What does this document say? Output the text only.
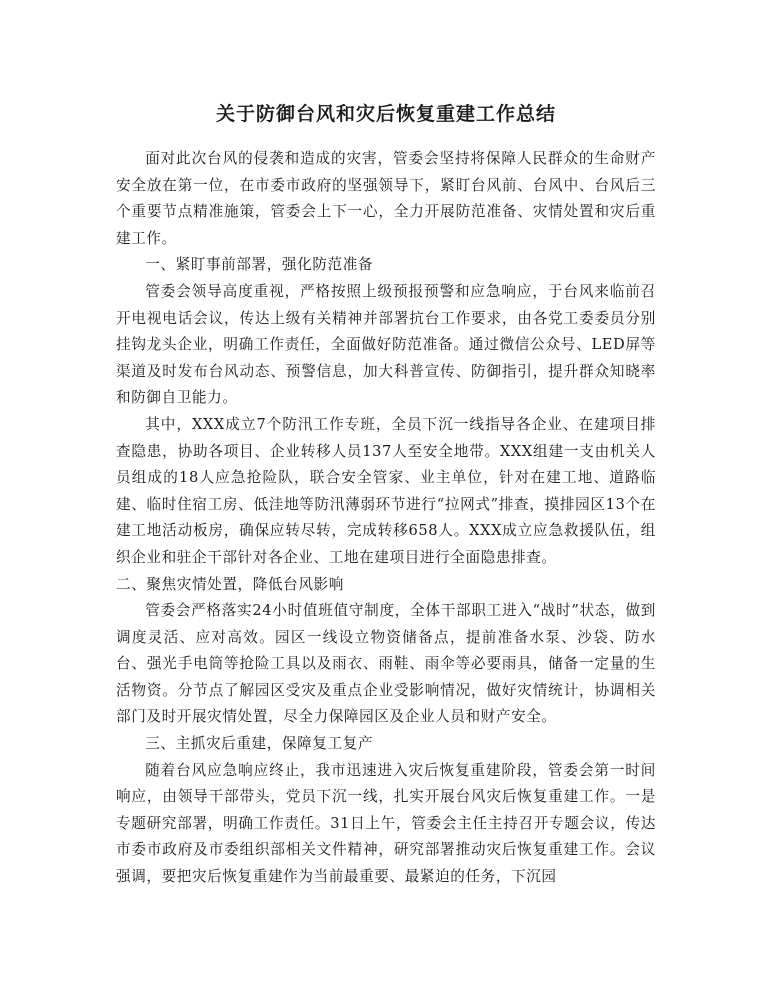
关于防御台风和灾后恢复重建工作总结

面对此次台风的侵袭和造成的灾害，管委会坚持将保障人民群众的生命财产安全放在第一位，在市委市政府的坚强领导下，紧盯台风前、台风中、台风后三个重要节点精准施策，管委会上下一心，全力开展防范准备、灾情处置和灾后重建工作。

一、紧盯事前部署，强化防范准备

管委会领导高度重视，严格按照上级预报预警和应急响应，于台风来临前召开电视电话会议，传达上级有关精神并部署抗台工作要求，由各党工委委员分别挂钩龙头企业，明确工作责任，全面做好防范准备。通过微信公众号、LED屏等渠道及时发布台风动态、预警信息，加大科普宣传、防御指引，提升群众知晓率和防御自卫能力。

其中，XXX成立7个防汛工作专班，全员下沉一线指导各企业、在建项目排查隐患，协助各项目、企业转移人员137人至安全地带。XXX组建一支由机关人员组成的18人应急抢险队，联合安全管家、业主单位，针对在建工地、道路临建、临时住宿工房、低洼地等防汛薄弱环节进行“拉网式”排查，摸排园区13个在建工地活动板房，确保应转尽转，完成转移658人。XXX成立应急救援队伍，组织企业和驻企干部针对各企业、工地在建项目进行全面隐患排查。

二、聚焦灾情处置，降低台风影响

管委会严格落实24小时值班值守制度，全体干部职工进入“战时”状态，做到调度灵活、应对高效。园区一线设立物资储备点，提前准备水泵、沙袋、防水台、强光手电筒等抢险工具以及雨衣、雨鞋、雨伞等必要雨具，储备一定量的生活物资。分节点了解园区受灾及重点企业受影响情况，做好灾情统计，协调相关部门及时开展灾情处置，尽全力保障园区及企业人员和财产安全。

三、主抓灾后重建，保障复工复产

随着台风应急响应终止，我市迅速进入灾后恢复重建阶段，管委会第一时间响应，由领导干部带头，党员下沉一线，扎实开展台风灾后恢复重建工作。一是专题研究部署，明确工作责任。31日上午，管委会主任主持召开专题会议，传达市委市政府及市委组织部相关文件精神，研究部署推动灾后恢复重建工作。会议强调，要把灾后恢复重建作为当前最重要、最紧迫的任务，下沉园
